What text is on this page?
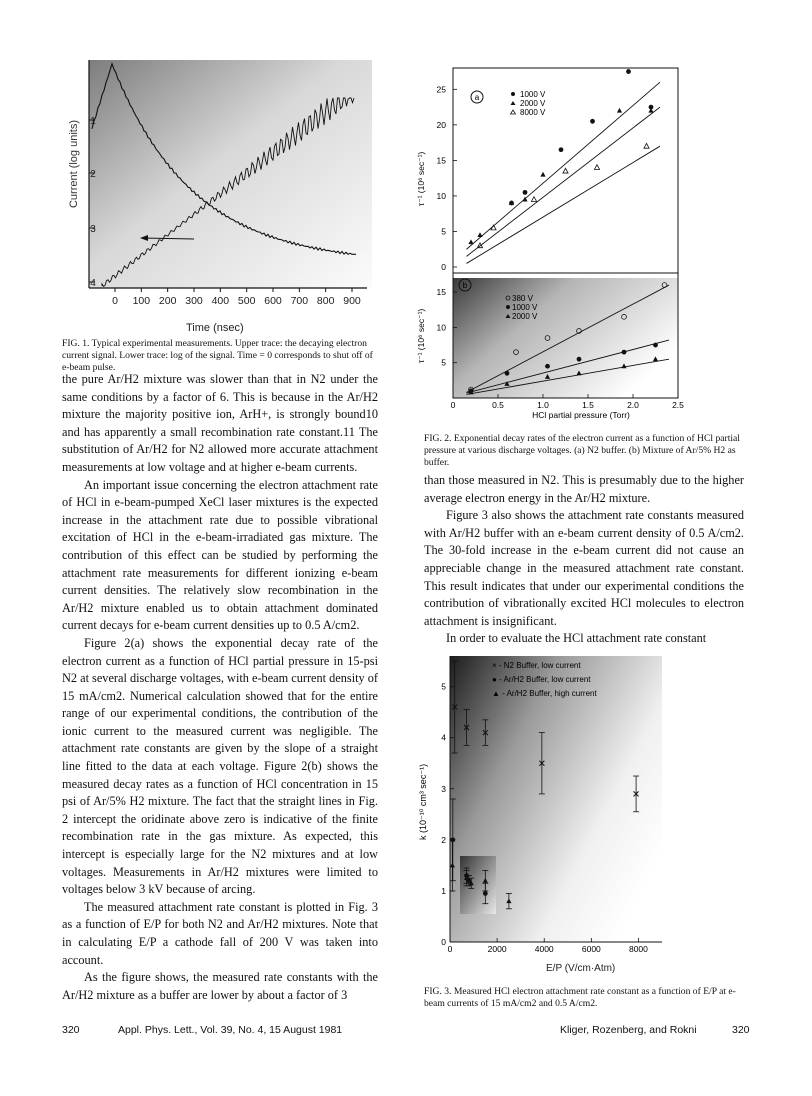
0 100 200 300 400 500 600 700 800 900
1
2
3
4
Current (log units)
Time (nsec)
FIG. 1. Typical experimental measurements. Upper trace: the decaying electron current signal. Lower trace: log of the signal. Time = 0 corresponds to shut off of e-beam pulse.

the pure Ar/H2 mixture was slower than that in N2 under the same conditions by a factor of 6. This is because in the Ar/H2 mixture the majority positive ion, ArH+, is strongly bound10 and has apparently a small recombination rate constant.11 The substitution of Ar/H2 for N2 allowed more accurate attachment measurements at low voltage and at higher e-beam currents.

An important issue concerning the electron attachment rate of HCl in e-beam-pumped XeCl laser mixtures is the expected increase in the attachment rate due to possible vibrational excitation of HCl in the e-beam-irradiated gas mixture. The contribution of this effect can be studied by performing the attachment rate measurements for different ionizing e-beam current densities. The relatively slow recombination in the Ar/H2 mixture enabled us to obtain attachment dominated current decays for e-beam current densities up to 0.5 A/cm2.

Figure 2(a) shows the exponential decay rate of the electron current as a function of HCl partial pressure in 15-psi N2 at several discharge voltages, with e-beam current density of 15 mA/cm2. Numerical calculation showed that for the entire range of our experimental conditions, the contribution of the ionic current to the measured current was negligible. The attachment rate constants are given by the slope of a straight line fitted to the data at each voltage. Figure 2(b) shows the measured decay rates as a function of HCl concentration in 15 psi of Ar/5% H2 mixture. The fact that the straight lines in Fig. 2 intercept the oridinate above zero is indicative of the finite recombination rate in the gas mixture. As expected, this intercept is especially large for the N2 mixtures and at low voltages. Measurements in Ar/H2 mixtures were limited to voltages below 3 kV because of arcing.

The measured attachment rate constant is plotted in Fig. 3 as a function of E/P for both N2 and Ar/H2 mixtures. Note that in calculating E/P a cathode fall of 200 V was taken into account.

As the figure shows, the measured rate constants with the Ar/H2 mixture as a buffer are lower by about a factor of 3

0	0.5	1.0	1.5	2.0	2.5
0
5
10
15
20
25
5
10
15
a
b
1000 V
2000 V
8000 V
380 V
1000 V
2000 V
HCl partial pressure (Torr)
τ⁻¹ (10⁶ sec⁻¹)
τ⁻¹ (10⁶ sec⁻¹)
FIG. 2. Exponential decay rates of the electron current as a function of HCl partial pressure at various discharge voltages. (a) N2 buffer. (b) Mixture of Ar/5% H2 as buffer.

than those measured in N2. This is presumably due to the higher average electron energy in the Ar/H2 mixture.

Figure 3 also shows the attachment rate constants measured with Ar/H2 buffer with an e-beam current density of 0.5 A/cm2. The 30-fold increase in the e-beam current did not cause an appreciable change in the measured attachment rate constant. This result indicates that under our experimental conditions the contribution of vibrationally excited HCl molecules to electron attachment is insignificant.

In order to evaluate the HCl attachment rate constant

0	2000	4000	6000	8000
0
1
2
3
4
5
× - N2 Buffer, low current
● - Ar/H2 Buffer, low current
▲ - Ar/H2 Buffer, high current
k (10⁻¹⁰ cm³ sec⁻¹)
E/P (V/cm·Atm)
FIG. 3. Measured HCl electron attachment rate constant as a function of E/P at e-beam currents of 15 mA/cm2 and 0.5 A/cm2.
320	Appl. Phys. Lett., Vol. 39, No. 4, 15 August 1981	Kliger, Rozenberg, and Rokni	320
